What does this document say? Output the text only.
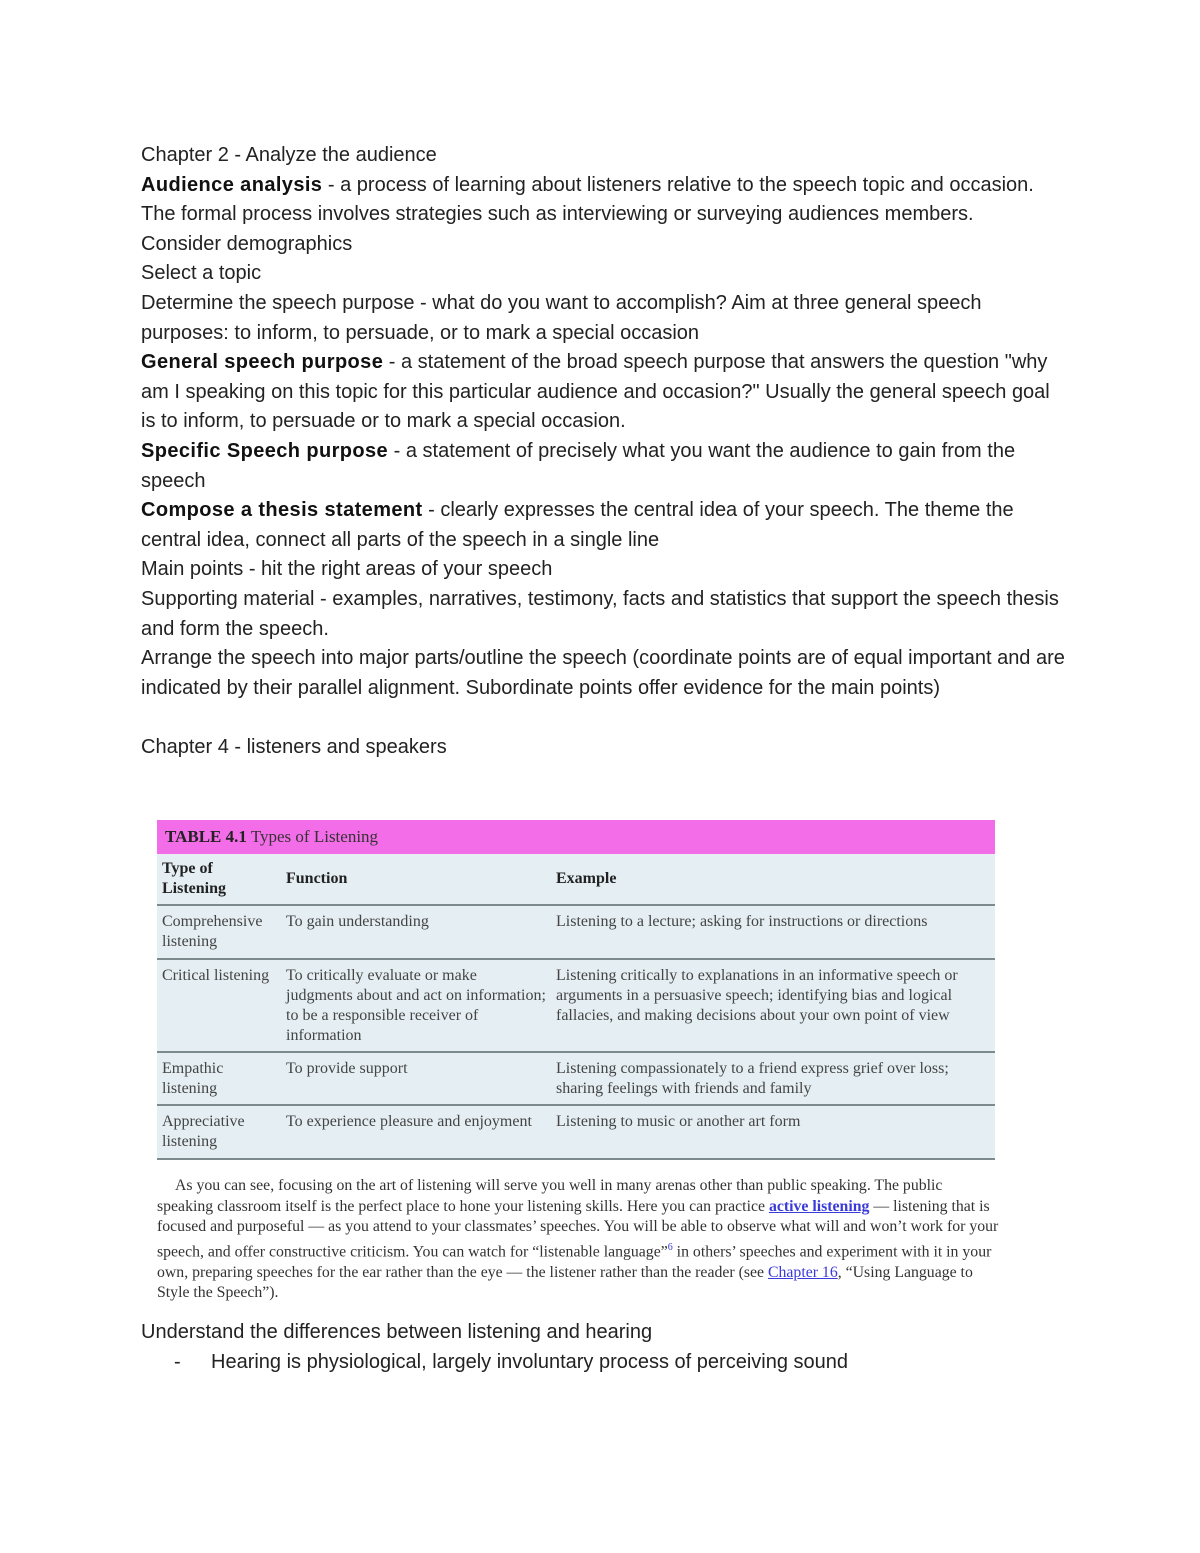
Chapter 2 - Analyze the audience

Audience analysis - a process of learning about listeners relative to the speech topic and occasion. The formal process involves strategies such as interviewing or surveying audiences members.

Consider demographics

Select a topic

Determine the speech purpose - what do you want to accomplish? Aim at three general speech purposes: to inform, to persuade, or to mark a special occasion

General speech purpose - a statement of the broad speech purpose that answers the question "why am I speaking on this topic for this particular audience and occasion?" Usually the general speech goal is to inform, to persuade or to mark a special occasion.

Specific Speech purpose - a statement of precisely what you want the audience to gain from the speech

Compose a thesis statement - clearly expresses the central idea of your speech. The theme the central idea, connect all parts of the speech in a single line

Main points - hit the right areas of your speech

Supporting material - examples, narratives, testimony, facts and statistics that support the speech thesis and form the speech.

Arrange the speech into major parts/outline the speech (coordinate points are of equal important and are indicated by their parallel alignment. Subordinate points offer evidence for the main points)

Chapter 4 - listeners and speakers

TABLE 4.1 Types of Listening
Type of Listening	Function	Example
Comprehensive listening	To gain understanding	Listening to a lecture; asking for instructions or directions
Critical listening	To critically evaluate or make judgments about and act on information; to be a responsible receiver of information	Listening critically to explanations in an informative speech or arguments in a persuasive speech; identifying bias and logical fallacies, and making decisions about your own point of view
Empathic listening	To provide support	Listening compassionately to a friend express grief over loss; sharing feelings with friends and family
Appreciative listening	To experience pleasure and enjoyment	Listening to music or another art form

As you can see, focusing on the art of listening will serve you well in many arenas other than public speaking. The public speaking classroom itself is the perfect place to hone your listening skills. Here you can practice active listening — listening that is focused and purposeful — as you attend to your classmates’ speeches. You will be able to observe what will and won’t work for your speech, and offer constructive criticism. You can watch for “listenable language”$^6$ in others’ speeches and experiment with it in your own, preparing speeches for the ear rather than the eye — the listener rather than the reader (see Chapter 16, “Using Language to Style the Speech”).

Understand the differences between listening and hearing

- Hearing is physiological, largely involuntary process of perceiving sound
